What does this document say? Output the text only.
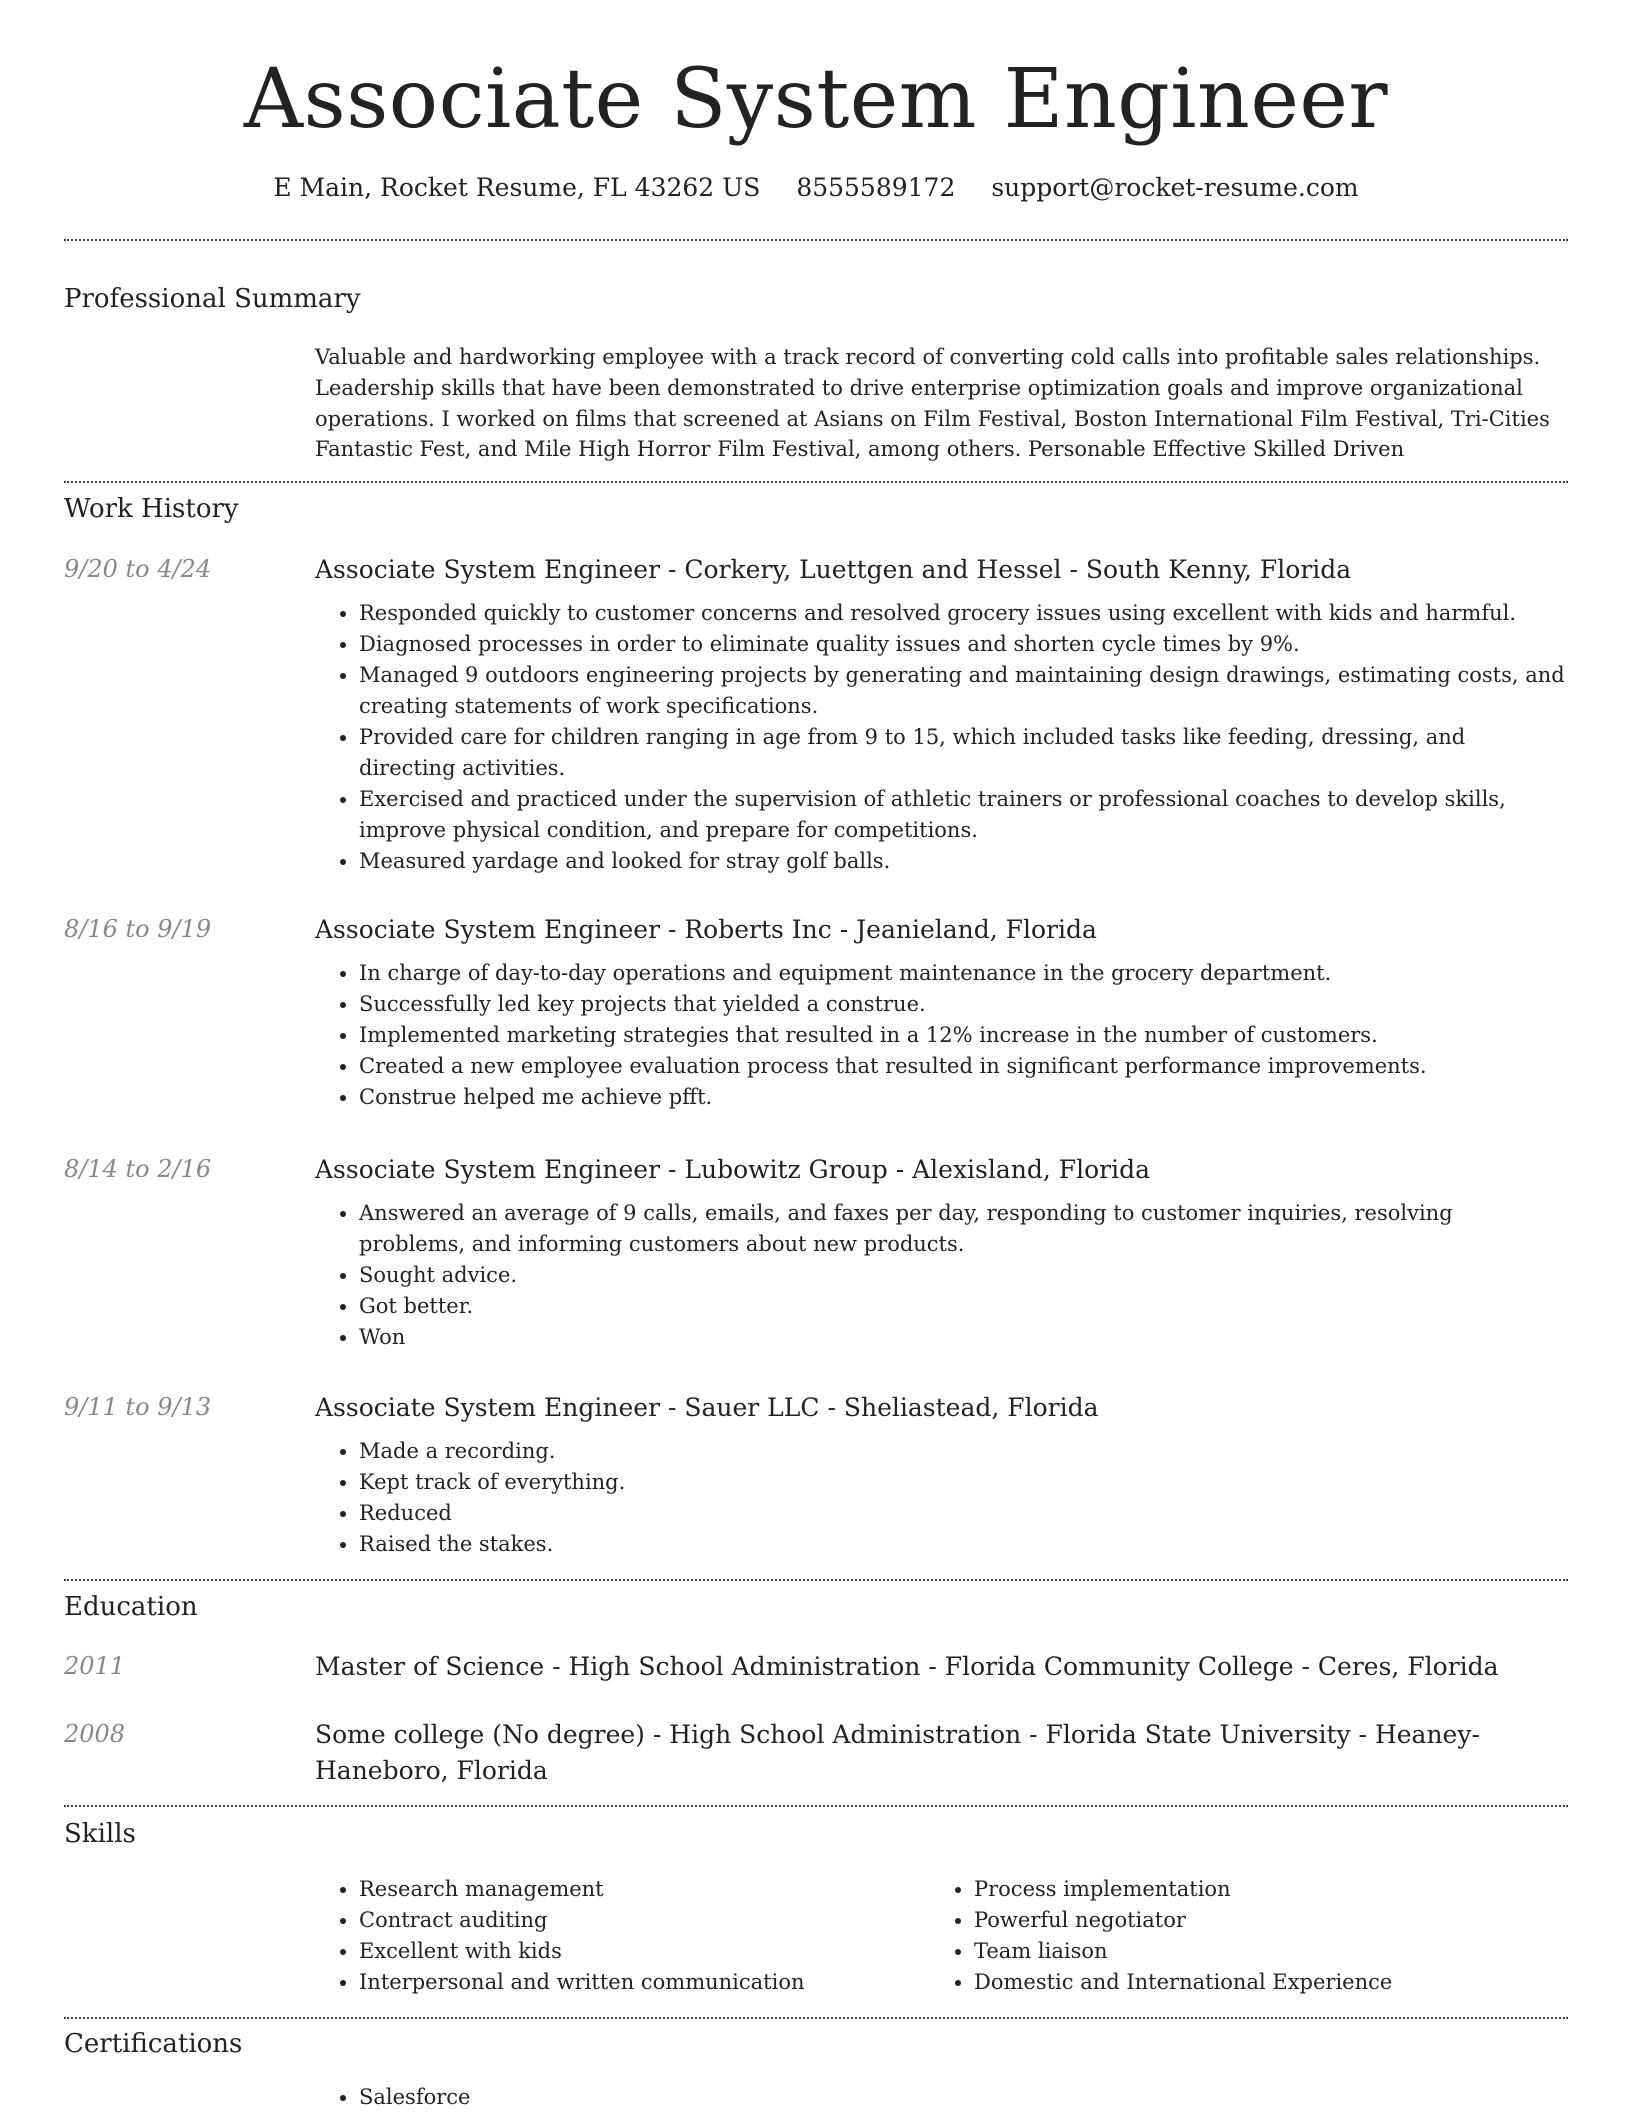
Associate System Engineer
E Main, Rocket Resume, FL 43262 US 8555589172 support@rocket-resume.com
Professional Summary
Valuable and hardworking employee with a track record of converting cold calls into profitable sales relationships. Leadership skills that have been demonstrated to drive enterprise optimization goals and improve organizational operations. I worked on films that screened at Asians on Film Festival, Boston International Film Festival, Tri-Cities Fantastic Fest, and Mile High Horror Film Festival, among others. Personable Effective Skilled Driven
Work History
9/20 to 4/24	Associate System Engineer - Corkery, Luettgen and Hessel - South Kenny, Florida
• Responded quickly to customer concerns and resolved grocery issues using excellent with kids and harmful.
• Diagnosed processes in order to eliminate quality issues and shorten cycle times by 9%.
• Managed 9 outdoors engineering projects by generating and maintaining design drawings, estimating costs, and creating statements of work specifications.
• Provided care for children ranging in age from 9 to 15, which included tasks like feeding, dressing, and directing activities.
• Exercised and practiced under the supervision of athletic trainers or professional coaches to develop skills, improve physical condition, and prepare for competitions.
• Measured yardage and looked for stray golf balls.
8/16 to 9/19	Associate System Engineer - Roberts Inc - Jeanieland, Florida
• In charge of day-to-day operations and equipment maintenance in the grocery department.
• Successfully led key projects that yielded a construe.
• Implemented marketing strategies that resulted in a 12% increase in the number of customers.
• Created a new employee evaluation process that resulted in significant performance improvements.
• Construe helped me achieve pfft.
8/14 to 2/16	Associate System Engineer - Lubowitz Group - Alexisland, Florida
• Answered an average of 9 calls, emails, and faxes per day, responding to customer inquiries, resolving problems, and informing customers about new products.
• Sought advice.
• Got better.
• Won
9/11 to 9/13	Associate System Engineer - Sauer LLC - Sheliastead, Florida
• Made a recording.
• Kept track of everything.
• Reduced
• Raised the stakes.
Education
2011	Master of Science - High School Administration - Florida Community College - Ceres, Florida
2008	Some college (No degree) - High School Administration - Florida State University - Heaney-Haneboro, Florida
Skills
• Research management
• Contract auditing
• Excellent with kids
• Interpersonal and written communication
• Process implementation
• Powerful negotiator
• Team liaison
• Domestic and International Experience
Certifications
• Salesforce
